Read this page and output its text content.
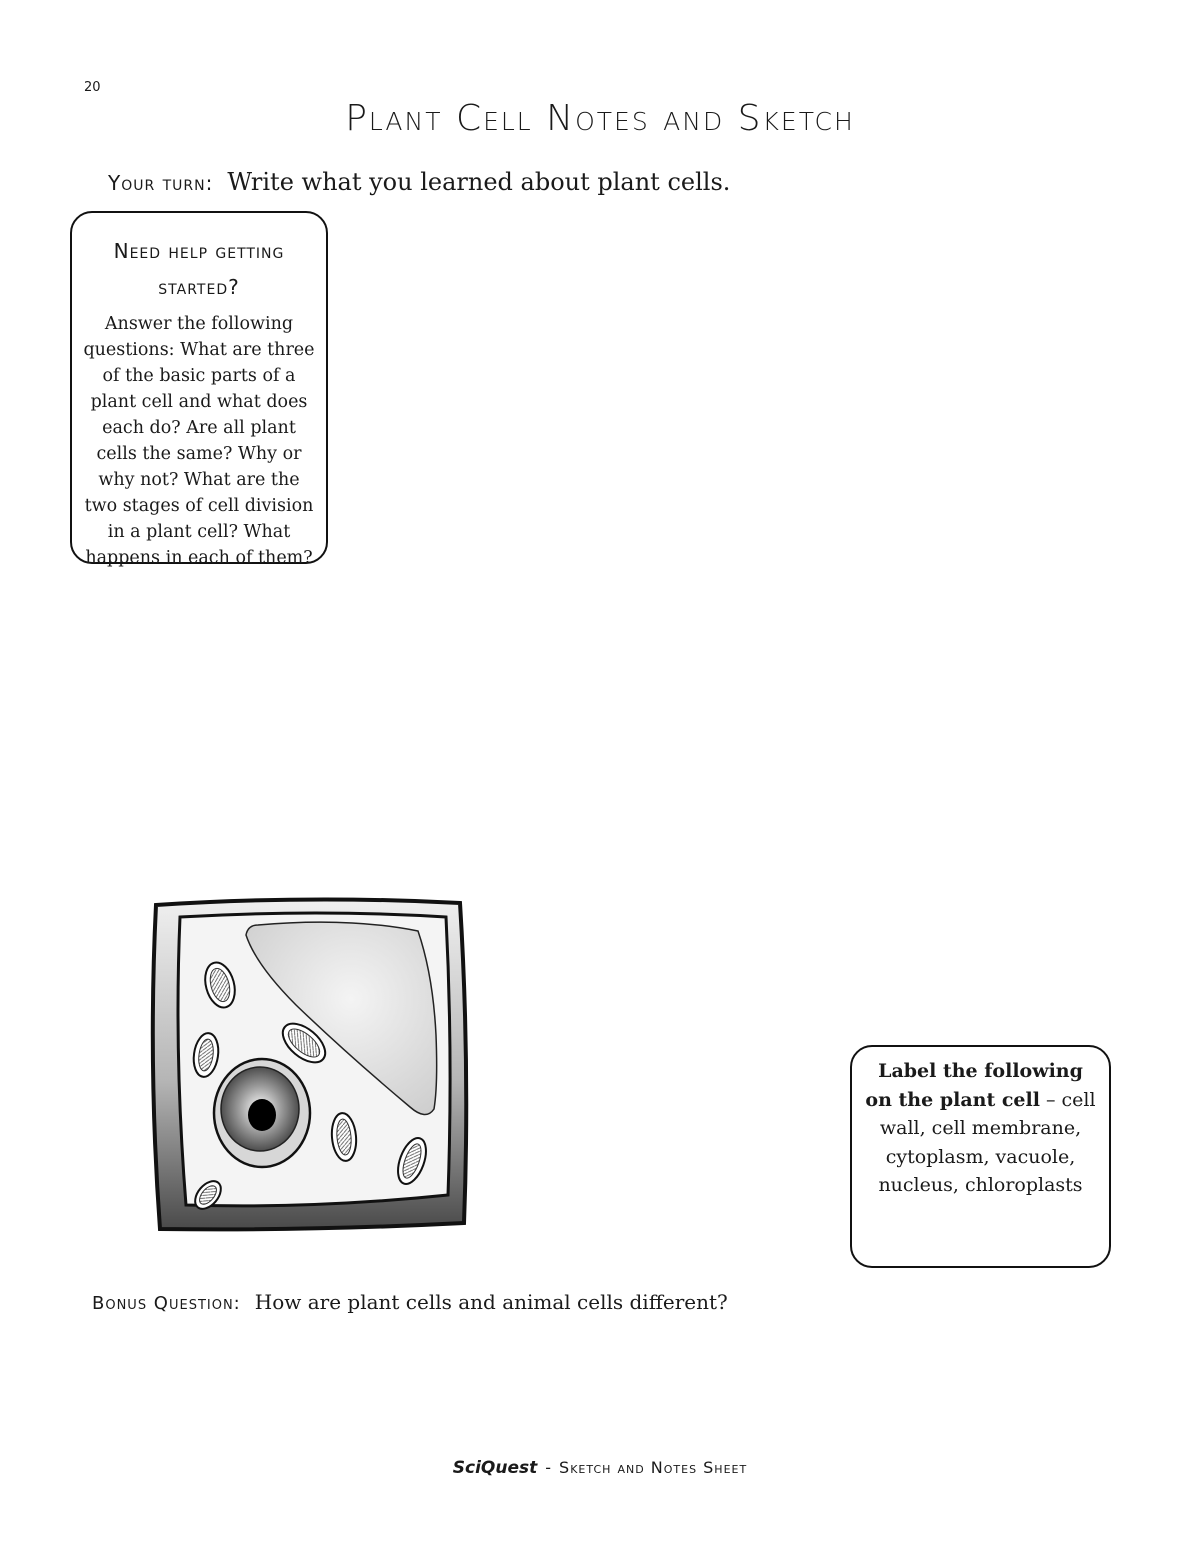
20
Plant Cell Notes and Sketch
Your turn: Write what you learned about plant cells.
Need help getting started?
Answer the following questions: What are three of the basic parts of a plant cell and what does each do? Are all plant cells the same? Why or why not? What are the two stages of cell division in a plant cell? What happens in each of them?
Label the following on the plant cell – cell wall, cell membrane, cytoplasm, vacuole, nucleus, chloroplasts
Bonus Question: How are plant cells and animal cells different?
SciQuest - Sketch and Notes Sheet
